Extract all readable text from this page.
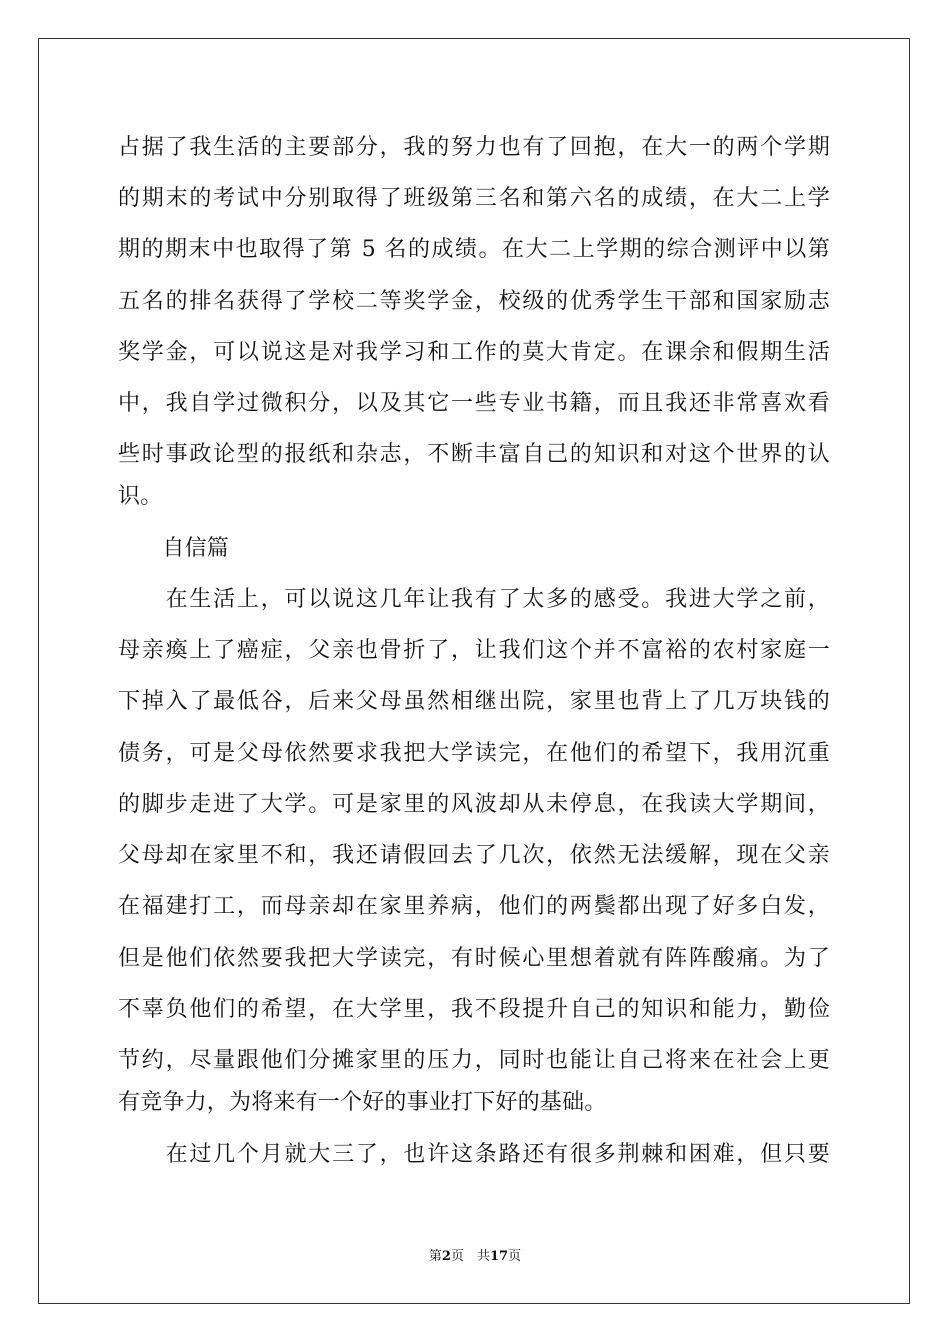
占据了我生活的主要部分，我的努力也有了回抱，在大一的两个学期
的期末的考试中分别取得了班级第三名和第六名的成绩，在大二上学
期的期末中也取得了第 5 名的成绩。在大二上学期的综合测评中以第
五名的排名获得了学校二等奖学金，校级的优秀学生干部和国家励志
奖学金，可以说这是对我学习和工作的莫大肯定。在课余和假期生活
中，我自学过微积分，以及其它一些专业书籍，而且我还非常喜欢看
些时事政论型的报纸和杂志，不断丰富自己的知识和对这个世界的认
识。
　　自信篇
　　在生活上，可以说这几年让我有了太多的感受。我进大学之前，
母亲瘓上了癌症，父亲也骨折了，让我们这个并不富裕的农村家庭一
下掉入了最低谷，后来父母虽然相继出院，家里也背上了几万块钱的
债务，可是父母依然要求我把大学读完，在他们的希望下，我用沉重
的脚步走进了大学。可是家里的风波却从未停息，在我读大学期间，
父母却在家里不和，我还请假回去了几次，依然无法缓解，现在父亲
在福建打工，而母亲却在家里养病，他们的两鬓都出现了好多白发，
但是他们依然要我把大学读完，有时候心里想着就有阵阵酸痛。为了
不辜负他们的希望，在大学里，我不段提升自己的知识和能力，勤俭
节约，尽量跟他们分摊家里的压力，同时也能让自己将来在社会上更
有竞争力，为将来有一个好的事业打下好的基础。
　　在过几个月就大三了，也许这条路还有很多荆棘和困难，但只要
第2页　共17页
